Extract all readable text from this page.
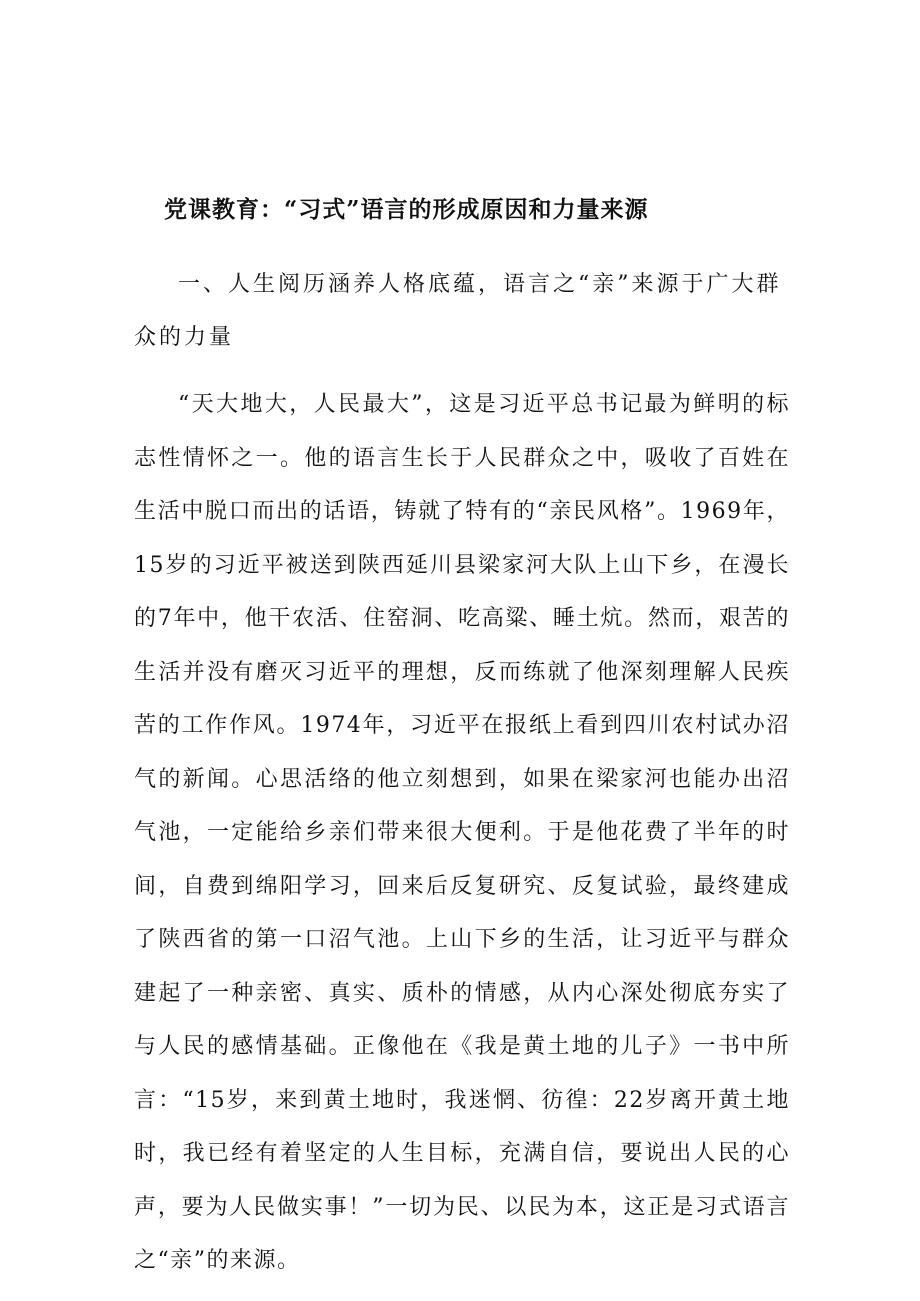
党课教育：“习式”语言的形成原因和力量来源

一、人生阅历涵养人格底蕴，语言之“亲”来源于广大群众的力量

“天大地大，人民最大”，这是习近平总书记最为鲜明的标志性情怀之一。他的语言生长于人民群众之中，吸收了百姓在生活中脱口而出的话语，铸就了特有的“亲民风格”。1969年，15岁的习近平被送到陕西延川县梁家河大队上山下乡，在漫长的7年中，他干农活、住窑洞、吃高粱、睡土炕。然而，艰苦的生活并没有磨灭习近平的理想，反而练就了他深刻理解人民疾苦的工作作风。1974年，习近平在报纸上看到四川农村试办沼气的新闻。心思活络的他立刻想到，如果在梁家河也能办出沼气池，一定能给乡亲们带来很大便利。于是他花费了半年的时间，自费到绵阳学习，回来后反复研究、反复试验，最终建成了陕西省的第一口沼气池。上山下乡的生活，让习近平与群众建起了一种亲密、真实、质朴的情感，从内心深处彻底夯实了与人民的感情基础。正像他在《我是黄土地的儿子》一书中所言：“15岁，来到黄土地时，我迷惘、彷徨：22岁离开黄土地时，我已经有着坚定的人生目标，充满自信，要说出人民的心声，要为人民做实事！”一切为民、以民为本，这正是习式语言之“亲”的来源。
